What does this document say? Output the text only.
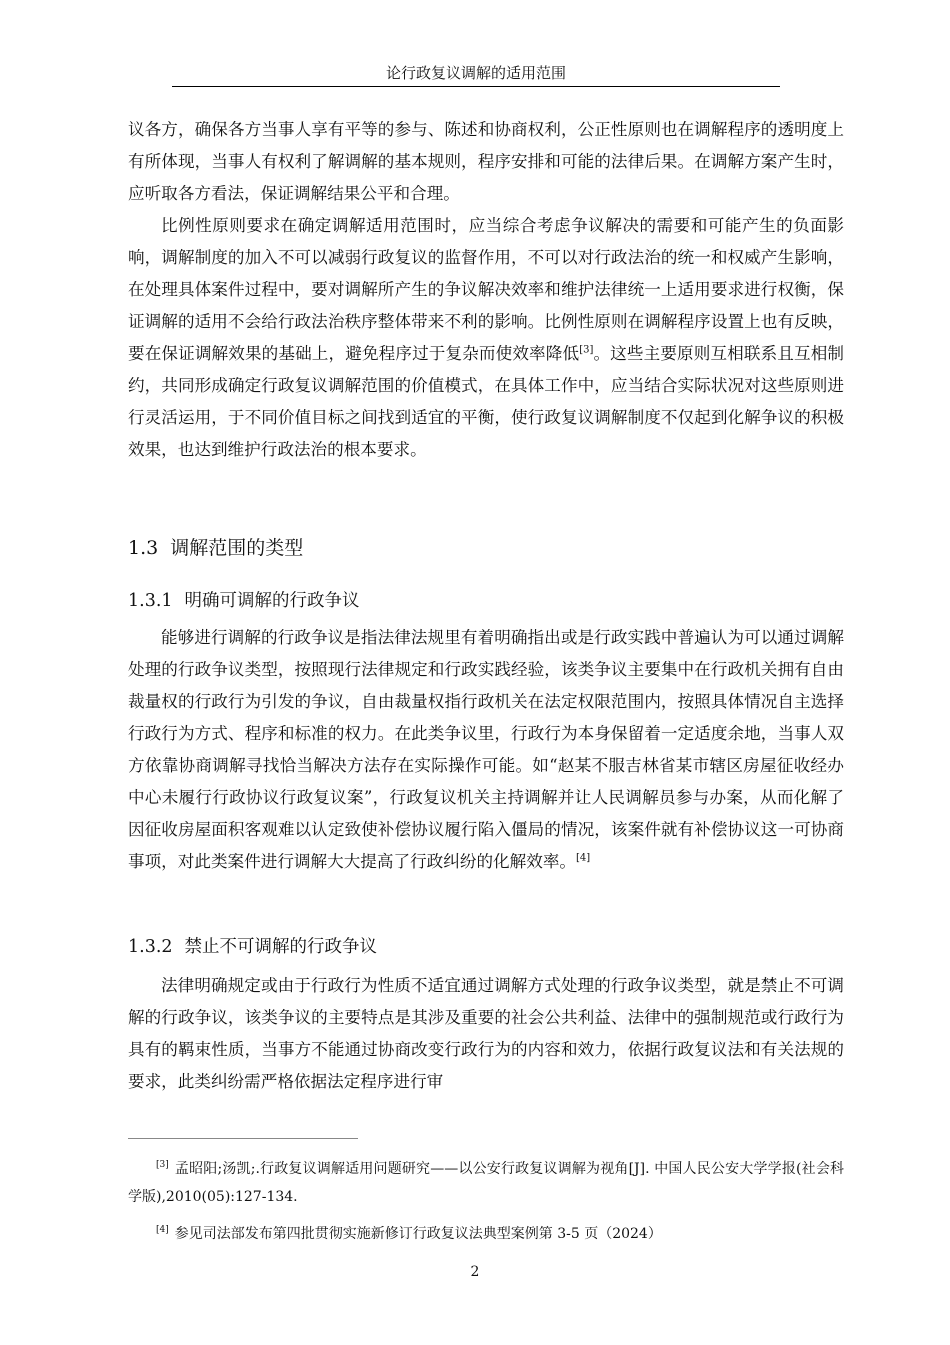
论行政复议调解的适用范围

议各方，确保各方当事人享有平等的参与、陈述和协商权利，公正性原则也在调解程序的透明度上有所体现，当事人有权利了解调解的基本规则，程序安排和可能的法律后果。在调解方案产生时，应听取各方看法，保证调解结果公平和合理。

比例性原则要求在确定调解适用范围时，应当综合考虑争议解决的需要和可能产生的负面影响，调解制度的加入不可以减弱行政复议的监督作用，不可以对行政法治的统一和权威产生影响，在处理具体案件过程中，要对调解所产生的争议解决效率和维护法律统一上适用要求进行权衡，保证调解的适用不会给行政法治秩序整体带来不利的影响。比例性原则在调解程序设置上也有反映，要在保证调解效果的基础上，避免程序过于复杂而使效率降低[3]。这些主要原则互相联系且互相制约，共同形成确定行政复议调解范围的价值模式，在具体工作中，应当结合实际状况对这些原则进行灵活运用，于不同价值目标之间找到适宜的平衡，使行政复议调解制度不仅起到化解争议的积极效果，也达到维护行政法治的根本要求。

1.3 调解范围的类型
1.3.1 明确可调解的行政争议

能够进行调解的行政争议是指法律法规里有着明确指出或是行政实践中普遍认为可以通过调解处理的行政争议类型，按照现行法律规定和行政实践经验，该类争议主要集中在行政机关拥有自由裁量权的行政行为引发的争议，自由裁量权指行政机关在法定权限范围内，按照具体情况自主选择行政行为方式、程序和标准的权力。在此类争议里，行政行为本身保留着一定适度余地，当事人双方依靠协商调解寻找恰当解决方法存在实际操作可能。如“赵某不服吉林省某市辖区房屋征收经办中心未履行行政协议行政复议案”，行政复议机关主持调解并让人民调解员参与办案，从而化解了因征收房屋面积客观难以认定致使补偿协议履行陷入僵局的情况，该案件就有补偿协议这一可协商事项，对此类案件进行调解大大提高了行政纠纷的化解效率。[4]

1.3.2 禁止不可调解的行政争议

法律明确规定或由于行政行为性质不适宜通过调解方式处理的行政争议类型，就是禁止不可调解的行政争议，该类争议的主要特点是其涉及重要的社会公共利益、法律中的强制规范或行政行为具有的羁束性质，当事方不能通过协商改变行政行为的内容和效力，依据行政复议法和有关法规的要求，此类纠纷需严格依据法定程序进行审

[3] 孟昭阳;汤凯;.行政复议调解适用问题研究——以公安行政复议调解为视角[J]. 中国人民公安大学学报(社会科学版),2010(05):127-134.

[4] 参见司法部发布第四批贯彻实施新修订行政复议法典型案例第 3-5 页（2024）

2
